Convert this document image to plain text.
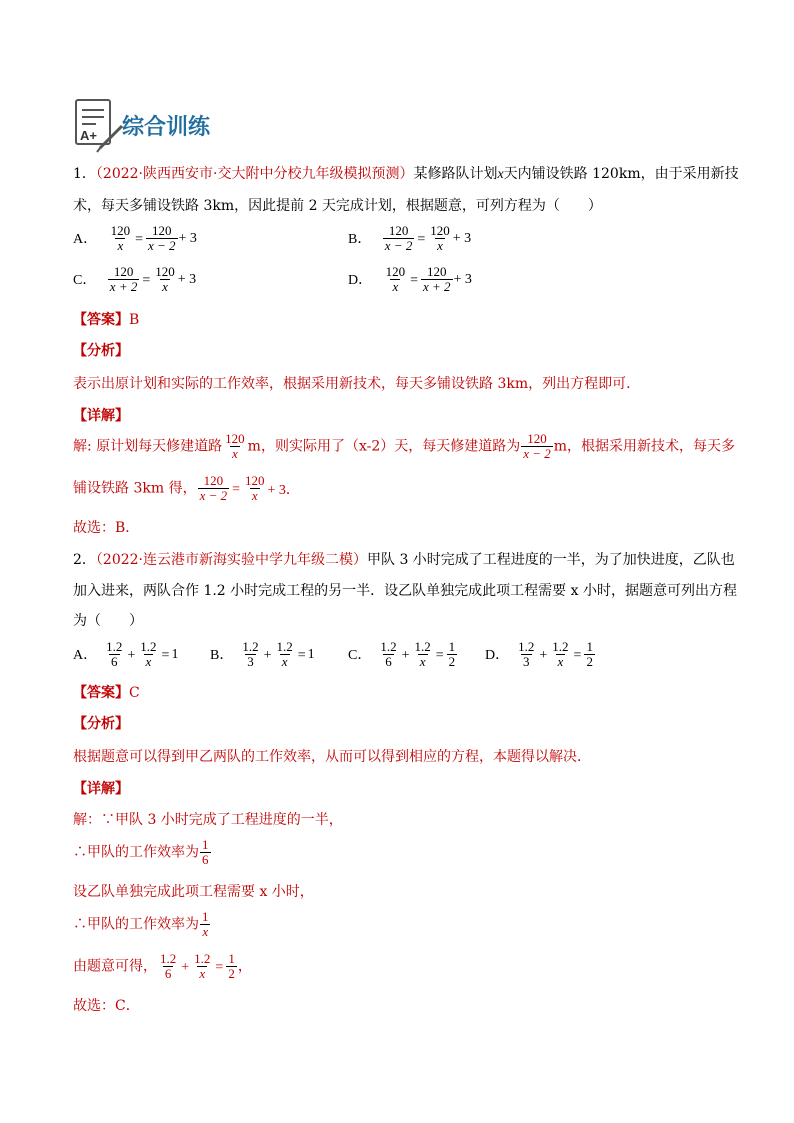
A+ 综合训练
1．（2022·陕西西安市·交大附中分校九年级模拟预测）某修路队计划x天内铺设铁路 120km，由于采用新技
术，每天多铺设铁路 3km，因此提前 2 天完成计划，根据题意，可列方程为（　　）
A． $\frac{120}{x} = \frac{120}{x - 2} + 3$	B． $\frac{120}{x - 2} = \frac{120}{x} + 3$
C． $\frac{120}{x + 2} = \frac{120}{x} + 3$	D． $\frac{120}{x} = \frac{120}{x + 2} + 3$
【答案】B
【分析】
表示出原计划和实际的工作效率，根据采用新技术，每天多铺设铁路 3km，列出方程即可．
【详解】
解: 原计划每天修建道路 $\frac{120}{x}$ m，则实际用了（x-2）天，每天修建道路为 $\frac{120}{x - 2}$ m，根据采用新技术，每天多
铺设铁路 3km 得， $\frac{120}{x - 2} = \frac{120}{x} + 3$．
故选：B．
2．（2022·连云港市新海实验中学九年级二模）甲队 3 小时完成了工程进度的一半，为了加快进度，乙队也
加入进来，两队合作 1.2 小时完成工程的另一半．设乙队单独完成此项工程需要 x 小时，据题意可列出方程
为（　　）
A． $\frac{1.2}{6} + \frac{1.2}{x} = 1$ B． $\frac{1.2}{3} + \frac{1.2}{x} = 1$ C． $\frac{1.2}{6} + \frac{1.2}{x} = \frac{1}{2}$ D． $\frac{1.2}{3} + \frac{1.2}{x} = \frac{1}{2}$
【答案】C
【分析】
根据题意可以得到甲乙两队的工作效率，从而可以得到相应的方程，本题得以解决．
【详解】
解：∵甲队 3 小时完成了工程进度的一半，
∴甲队的工作效率为 $\frac{1}{6}$
设乙队单独完成此项工程需要 x 小时，
∴甲队的工作效率为 $\frac{1}{x}$
由题意可得， $\frac{1.2}{6} + \frac{1.2}{x} = \frac{1}{2}$ ，
故选：C．
